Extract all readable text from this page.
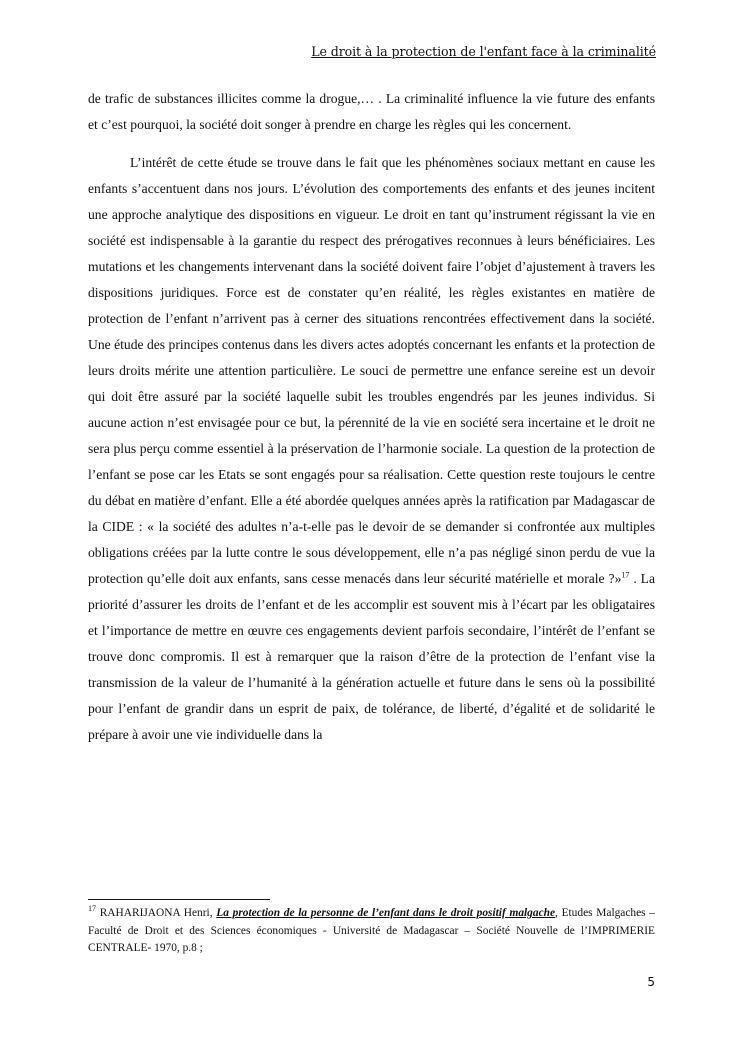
Le droit à la protection de l'enfant face à la criminalité

de trafic de substances illicites comme la drogue,… . La criminalité influence la vie future des enfants et c’est pourquoi, la société doit songer à prendre en charge les règles qui les concernent.

L’intérêt de cette étude se trouve dans le fait que les phénomènes sociaux mettant en cause les enfants s’accentuent dans nos jours. L’évolution des comportements des enfants et des jeunes incitent une approche analytique des dispositions en vigueur. Le droit en tant qu’instrument régissant la vie en société est indispensable à la garantie du respect des prérogatives reconnues à leurs bénéficiaires. Les mutations et les changements intervenant dans la société doivent faire l’objet d’ajustement à travers les dispositions juridiques. Force est de constater qu’en réalité, les règles existantes en matière de protection de l’enfant n’arrivent pas à cerner des situations rencontrées effectivement dans la société. Une étude des principes contenus dans les divers actes adoptés concernant les enfants et la protection de leurs droits mérite une attention particulière. Le souci de permettre une enfance sereine est un devoir qui doit être assuré par la société laquelle subit les troubles engendrés par les jeunes individus. Si aucune action n’est envisagée pour ce but, la pérennité de la vie en société sera incertaine et le droit ne sera plus perçu comme essentiel à la préservation de l’harmonie sociale. La question de la protection de l’enfant se pose car les Etats se sont engagés pour sa réalisation. Cette question reste toujours le centre du débat en matière d’enfant. Elle a été abordée quelques années après la ratification par Madagascar de la CIDE : « la société des adultes n’a-t-elle pas le devoir de se demander si confrontée aux multiples obligations créées par la lutte contre le sous développement, elle n’a pas négligé sinon perdu de vue la protection qu’elle doit aux enfants, sans cesse menacés dans leur sécurité matérielle et morale ?»$^{17}$ . La priorité d’assurer les droits de l’enfant et de les accomplir est souvent mis à l’écart par les obligataires et l’importance de mettre en œuvre ces engagements devient parfois secondaire, l’intérêt de l’enfant se trouve donc compromis. Il est à remarquer que la raison d’être de la protection de l’enfant vise la transmission de la valeur de l’humanité à la génération actuelle et future dans le sens où la possibilité pour l’enfant de grandir dans un esprit de paix, de tolérance, de liberté, d’égalité et de solidarité le prépare à avoir une vie individuelle dans la

$^{17}$ RAHARIJAONA Henri, La protection de la personne de l’enfant dans le droit positif malgache, Etudes Malgaches – Faculté de Droit et des Sciences économiques - Université de Madagascar – Société Nouvelle de l’IMPRIMERIE CENTRALE- 1970, p.8 ;
5
